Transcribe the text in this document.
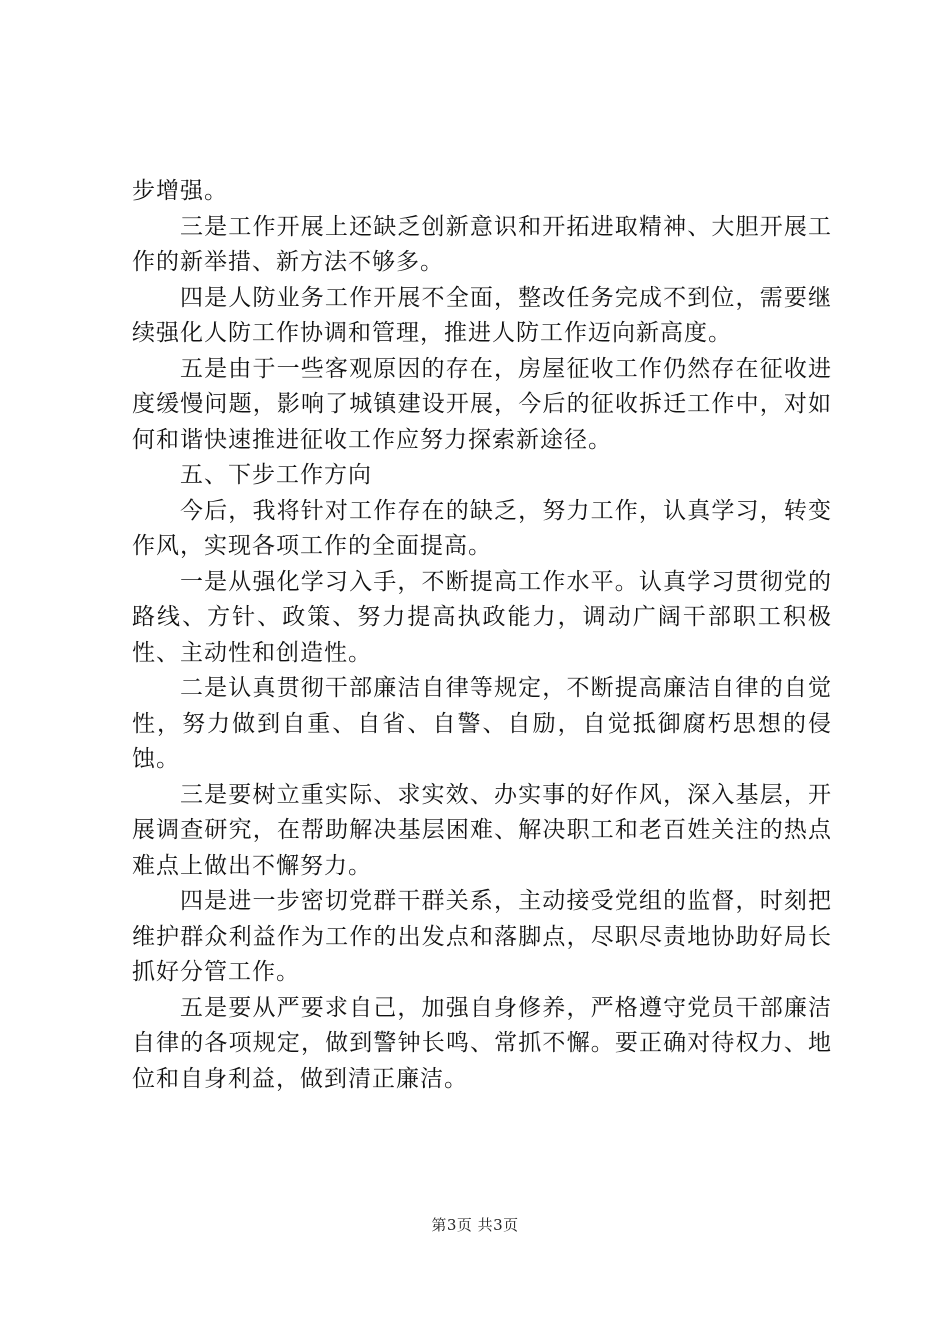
步增强。

三是工作开展上还缺乏创新意识和开拓进取精神、大胆开展工作的新举措、新方法不够多。

四是人防业务工作开展不全面，整改任务完成不到位，需要继续强化人防工作协调和管理，推进人防工作迈向新高度。

五是由于一些客观原因的存在，房屋征收工作仍然存在征收进度缓慢问题，影响了城镇建设开展，今后的征收拆迁工作中，对如何和谐快速推进征收工作应努力探索新途径。

五、下步工作方向

今后，我将针对工作存在的缺乏，努力工作，认真学习，转变作风，实现各项工作的全面提高。

一是从强化学习入手，不断提高工作水平。认真学习贯彻党的路线、方针、政策、努力提高执政能力，调动广阔干部职工积极性、主动性和创造性。

二是认真贯彻干部廉洁自律等规定，不断提高廉洁自律的自觉性，努力做到自重、自省、自警、自励，自觉抵御腐朽思想的侵蚀。

三是要树立重实际、求实效、办实事的好作风，深入基层，开展调查研究，在帮助解决基层困难、解决职工和老百姓关注的热点难点上做出不懈努力。

四是进一步密切党群干群关系，主动接受党组的监督，时刻把维护群众利益作为工作的出发点和落脚点，尽职尽责地协助好局长抓好分管工作。

五是要从严要求自己，加强自身修养，严格遵守党员干部廉洁自律的各项规定，做到警钟长鸣、常抓不懈。要正确对待权力、地位和自身利益，做到清正廉洁。

第3页 共3页
